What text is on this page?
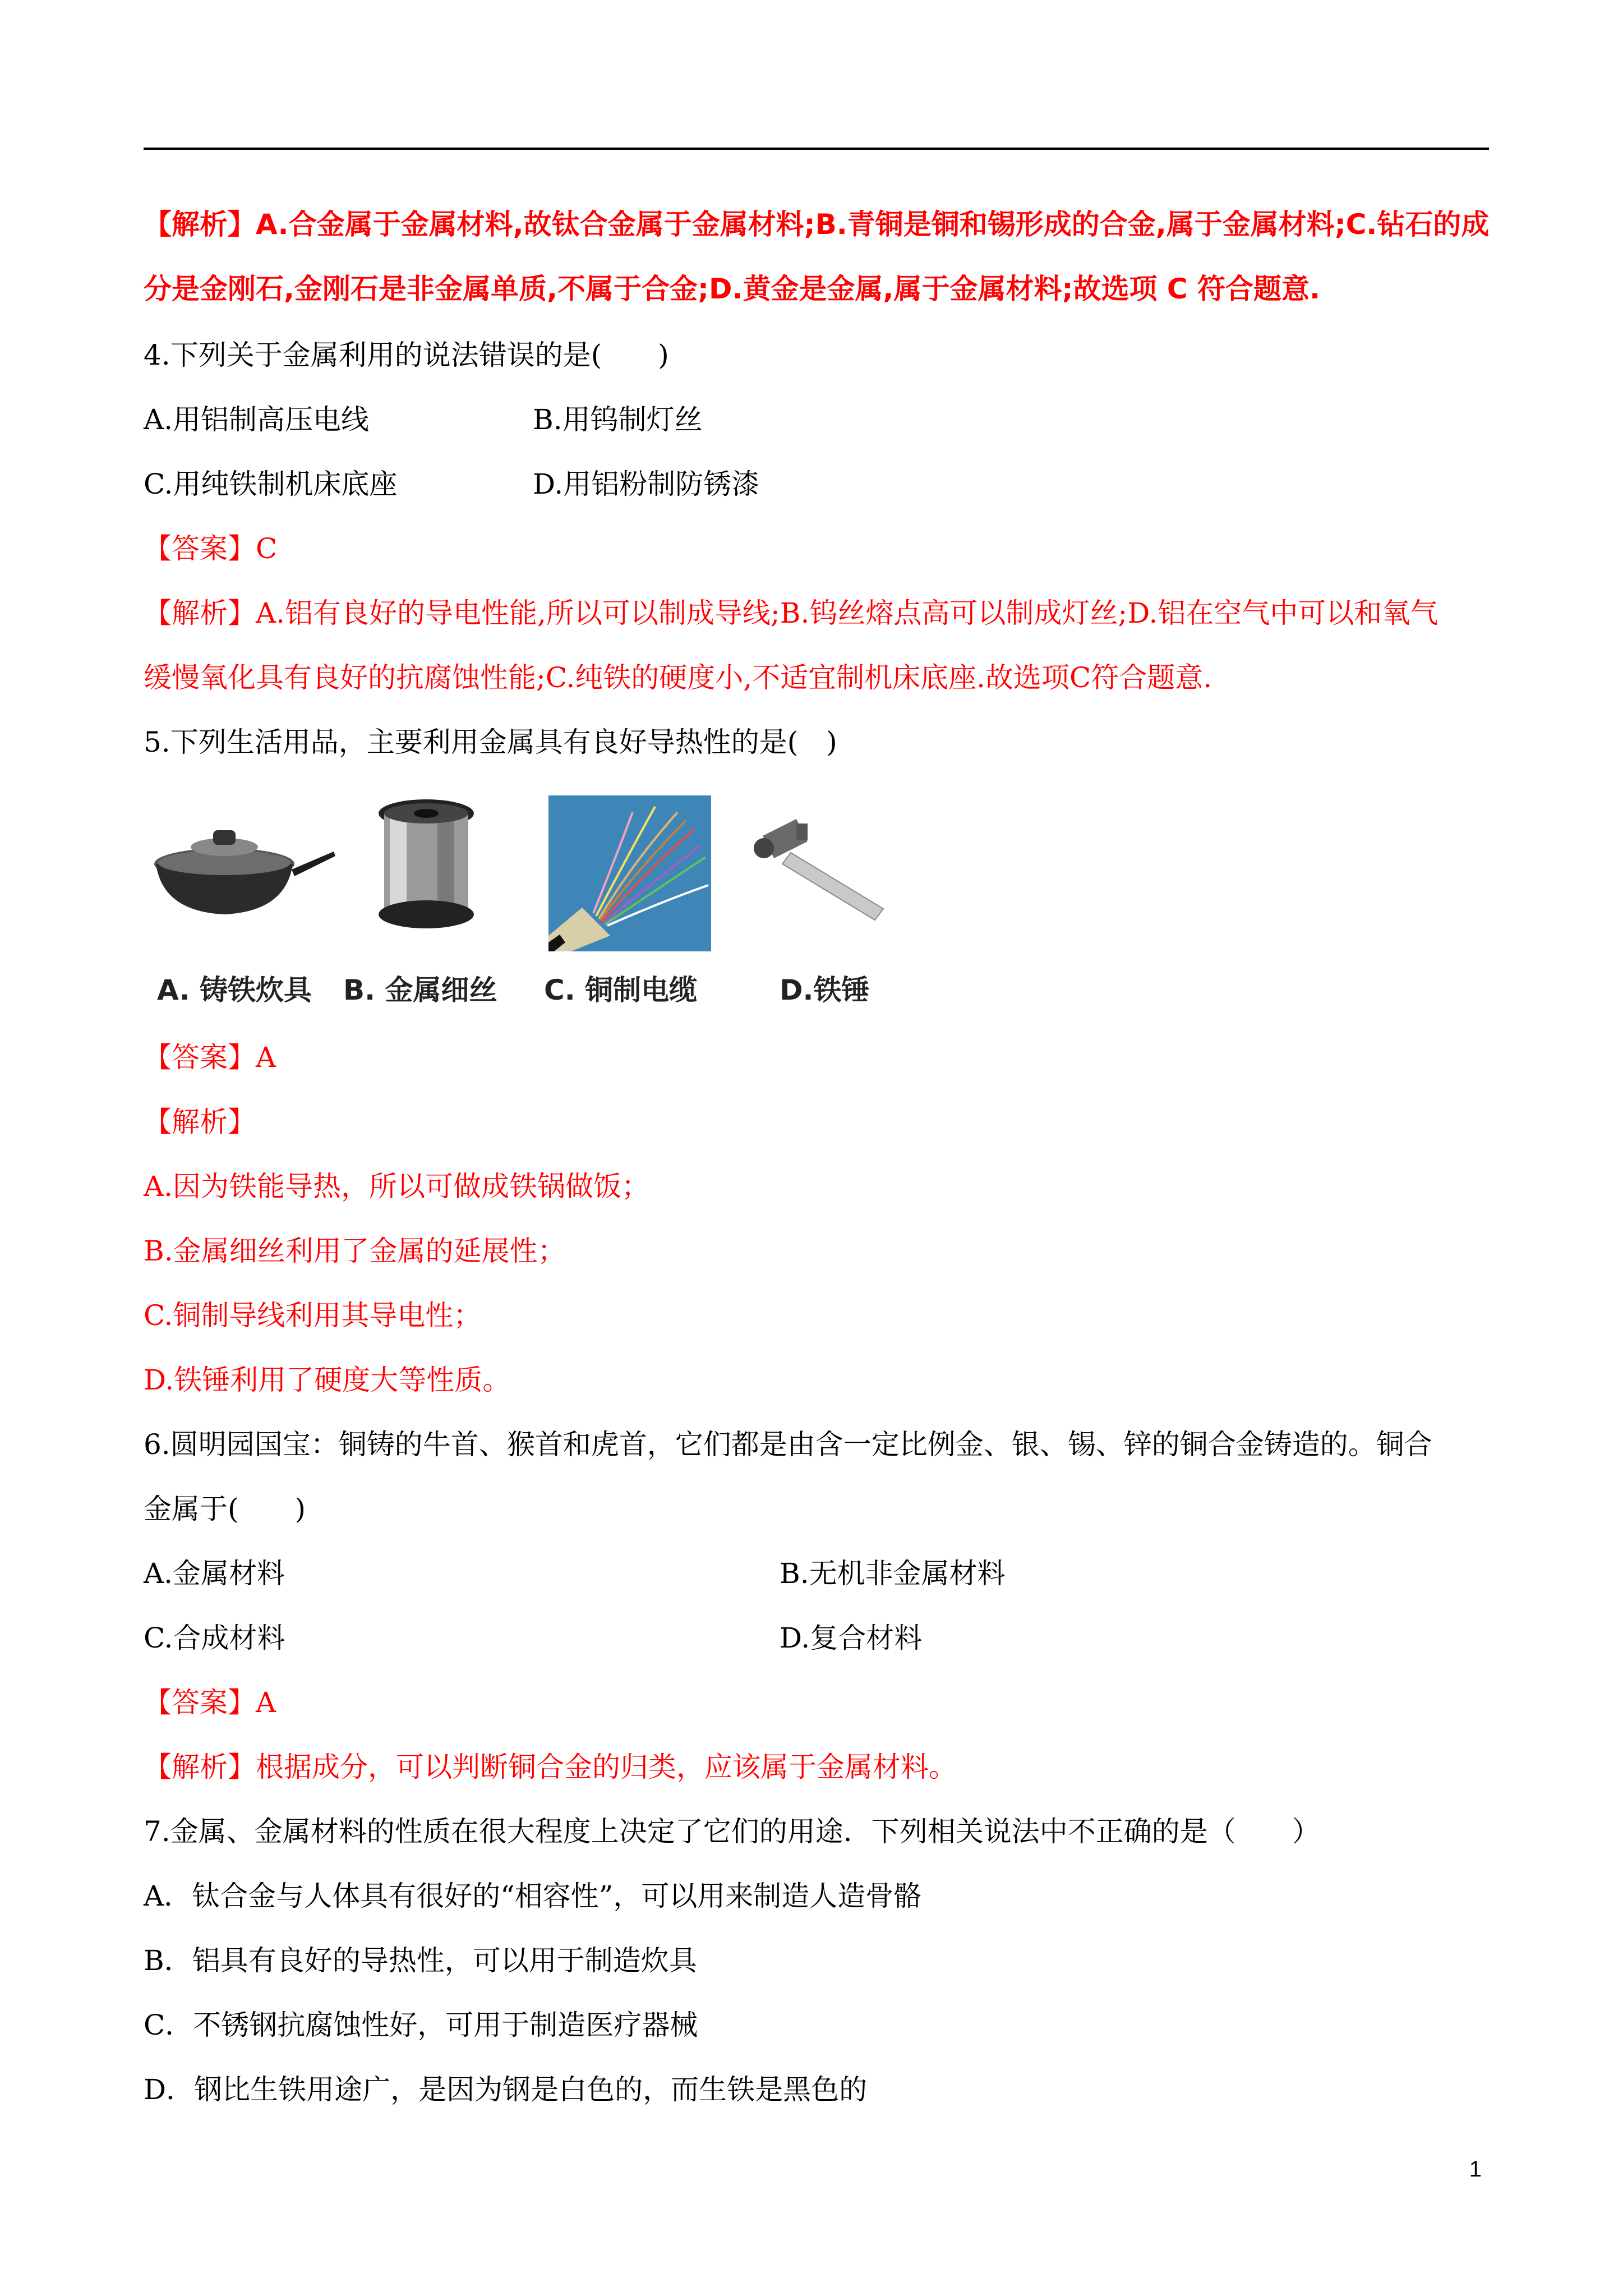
【解析】A.合金属于金属材料,故钛合金属于金属材料;B.青铜是铜和锡形成的合金,属于金属材料;C.钻石的成
分是金刚石,金刚石是非金属单质,不属于合金;D.黄金是金属,属于金属材料;故选项 C 符合题意.
4.下列关于金属利用的说法错误的是(　　)
A.用铝制高压电线	B.用钨制灯丝
C.用纯铁制机床底座	D.用铝粉制防锈漆
【答案】C
【解析】A.铝有良好的导电性能,所以可以制成导线;B.钨丝熔点高可以制成灯丝;D.铝在空气中可以和氧气
缓慢氧化具有良好的抗腐蚀性能;C.纯铁的硬度小,不适宜制机床底座.故选项C符合题意.
5.下列生活用品，主要利用金属具有良好导热性的是(　)
A. 铸铁炊具 B. 金属细丝 C. 铜制电缆	D.铁锤
【答案】A
【解析】
A.因为铁能导热，所以可做成铁锅做饭；
B.金属细丝利用了金属的延展性；
C.铜制导线利用其导电性；
D.铁锤利用了硬度大等性质。
6.圆明园国宝：铜铸的牛首、猴首和虎首，它们都是由含一定比例金、银、锡、锌的铜合金铸造的。铜合
金属于(　　)
A.金属材料	B.无机非金属材料
C.合成材料	D.复合材料
【答案】A
【解析】根据成分，可以判断铜合金的归类，应该属于金属材料。
7.金属、金属材料的性质在很大程度上决定了它们的用途．下列相关说法中不正确的是（　　）
A．钛合金与人体具有很好的“相容性”，可以用来制造人造骨骼
B．铝具有良好的导热性，可以用于制造炊具
C．不锈钢抗腐蚀性好，可用于制造医疗器械
D．钢比生铁用途广，是因为钢是白色的，而生铁是黑色的
1
